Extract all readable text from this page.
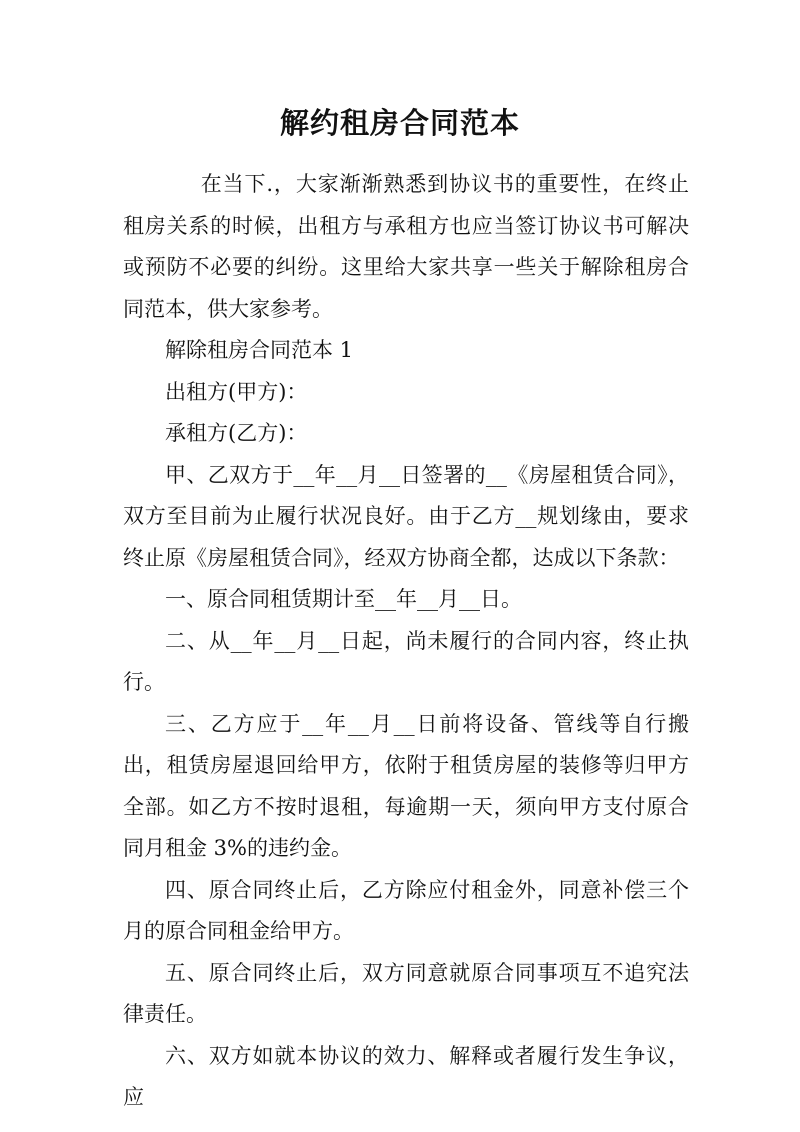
解约租房合同范本

在当下.，大家渐渐熟悉到协议书的重要性，在终止租房关系的时候，出租方与承租方也应当签订协议书可解决或预防不必要的纠纷。这里给大家共享一些关于解除租房合同范本，供大家参考。

解除租房合同范本 1

出租方(甲方)：

承租方(乙方)：

甲、乙双方于__年__月__日签署的__《房屋租赁合同》，双方至目前为止履行状况良好。由于乙方__规划缘由，要求终止原《房屋租赁合同》，经双方协商全都，达成以下条款：

一、原合同租赁期计至__年__月__日。

二、从__年__月__日起，尚未履行的合同内容，终止执行。

三、乙方应于__年__月__日前将设备、管线等自行搬出，租赁房屋退回给甲方，依附于租赁房屋的装修等归甲方全部。如乙方不按时退租，每逾期一天，须向甲方支付原合同月租金 3%的违约金。

四、原合同终止后，乙方除应付租金外，同意补偿三个月的原合同租金给甲方。

五、原合同终止后，双方同意就原合同事项互不追究法律责任。

六、双方如就本协议的效力、解释或者履行发生争议，应
